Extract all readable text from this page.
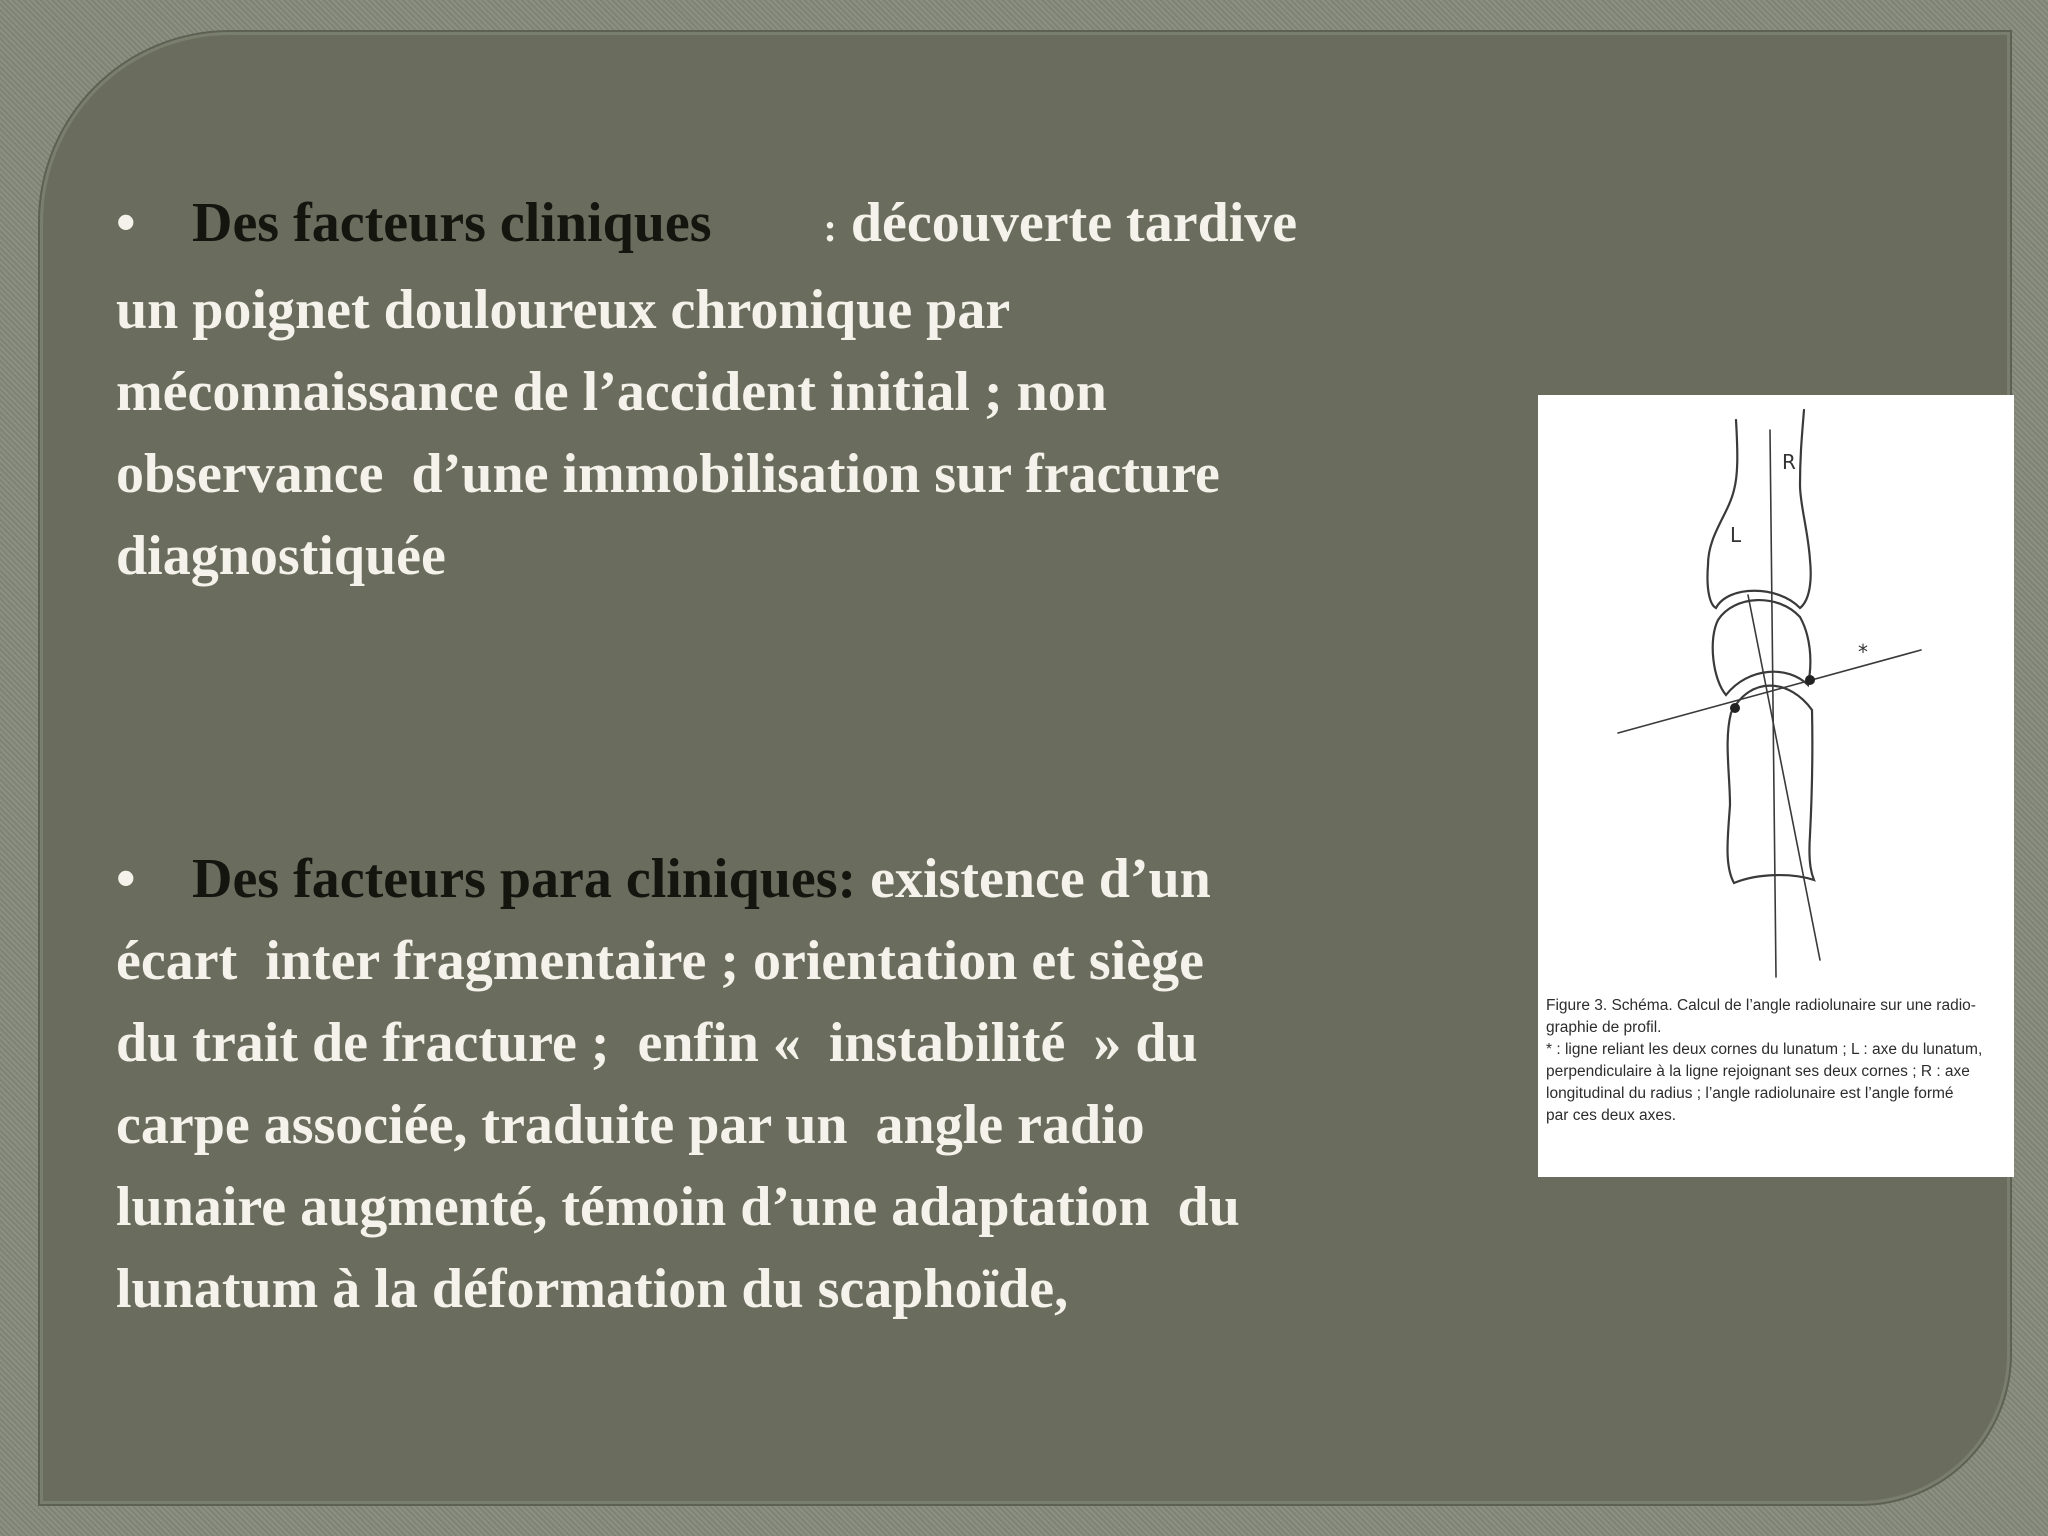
• Des facteurs cliniques	: découverte tardive
un poignet douloureux chronique par
méconnaissance de l’accident initial ; non
observance  d’une immobilisation sur fracture
diagnostiquée
• Des facteurs para cliniques: existence d’un
écart  inter fragmentaire ; orientation et siège
du trait de fracture ;  enfin «  instabilité  » du
carpe associée, traduite par un  angle radio
lunaire augmenté, témoin d’une adaptation  du
lunatum à la déformation du scaphoïde,
R
L
*
Figure 3. Schéma. Calcul de l’angle radiolunaire sur une radio-
graphie de profil.
* : ligne reliant les deux cornes du lunatum ; L : axe du lunatum,
perpendiculaire à la ligne rejoignant ses deux cornes ; R : axe
longitudinal du radius ; l’angle radiolunaire est l’angle formé
par ces deux axes.
